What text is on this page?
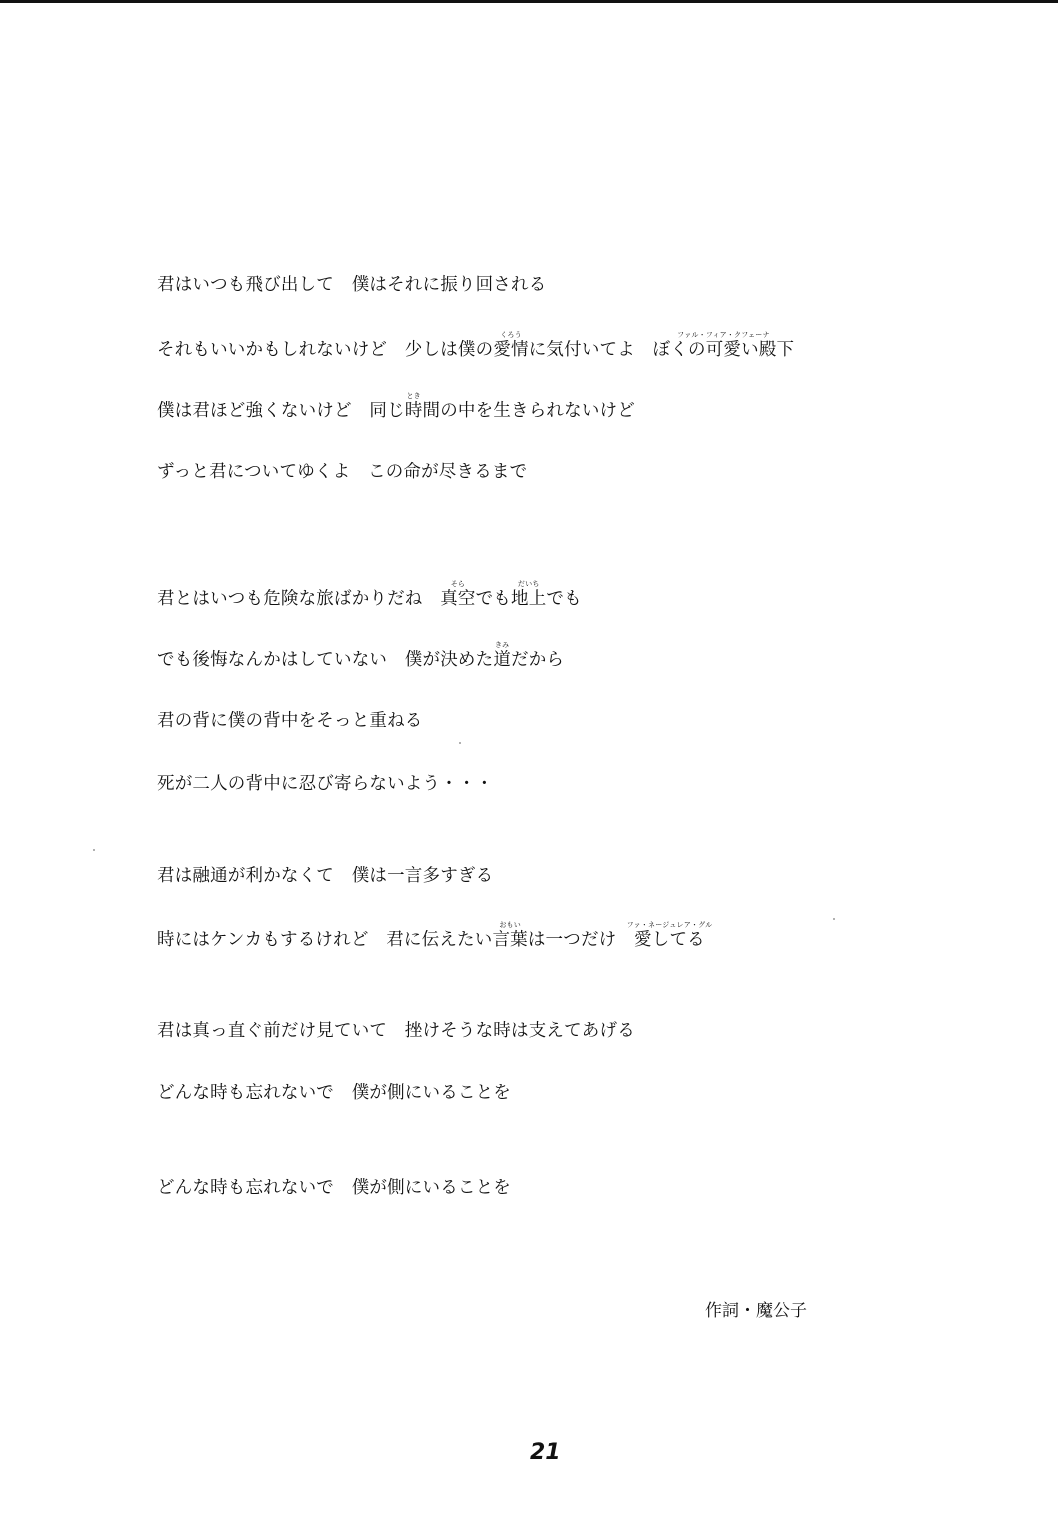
君はいつも飛び出して　僕はそれに振り回される
それもいいかもしれないけど　少しは僕の愛情
くろう
に気付いてよ　ぼくの可愛い殿下
ファル・フィア・クフェーナ
僕は君ほど強くないけど　同じ時
とき
間の中を生きられないけど
ずっと君についてゆくよ　この命が尽きるまで
君とはいつも危険な旅ばかりだね　真空
そら
でも地上
だいち
でも
でも後悔なんかはしていない　僕が決めた道
きみ
だから
君の背に僕の背中をそっと重ねる
死が二人の背中に忍び寄らないよう・・・
君は融通が利かなくて　僕は一言多すぎる
時にはケンカもするけれど　君に伝えたい言葉
おもい
は一つだけ　愛してる
ファ・ネージュレア・グル
君は真っ直ぐ前だけ見ていて　挫けそうな時は支えてあげる
どんな時も忘れないで　僕が側にいることを
どんな時も忘れないで　僕が側にいることを
作詞・魔公子
21
